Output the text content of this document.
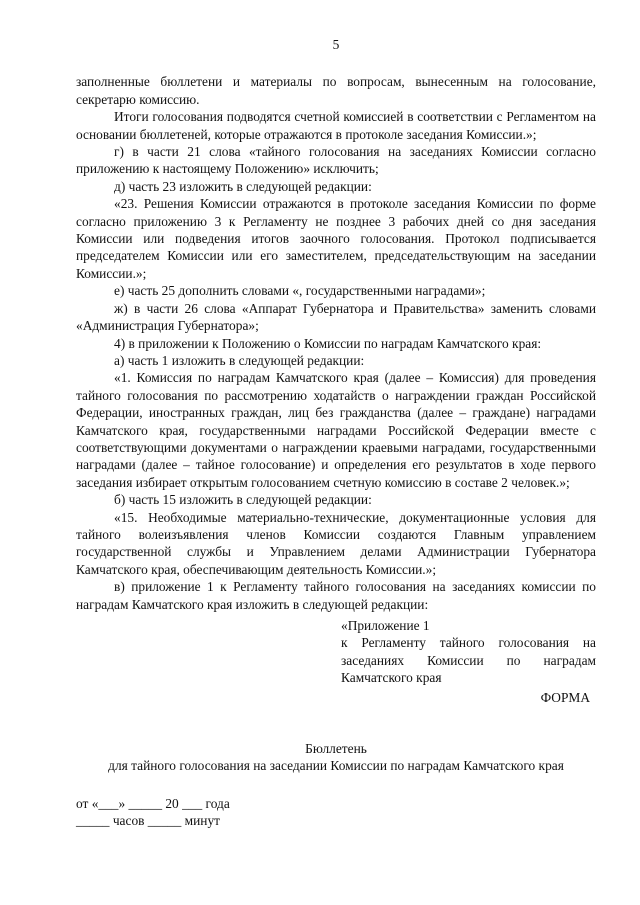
5

заполненные бюллетени и материалы по вопросам, вынесенным на голосование, секретарю комиссию.

Итоги голосования подводятся счетной комиссией в соответствии с Регламентом на основании бюллетеней, которые отражаются в протоколе заседания Комиссии.»;

г) в части 21 слова «тайного голосования на заседаниях Комиссии согласно приложению к настоящему Положению» исключить;

д) часть 23 изложить в следующей редакции:

«23. Решения Комиссии отражаются в протоколе заседания Комиссии по форме согласно приложению 3 к Регламенту не позднее 3 рабочих дней со дня заседания Комиссии или подведения итогов заочного голосования. Протокол подписывается председателем Комиссии или его заместителем, председательствующим на заседании Комиссии.»;

е) часть 25 дополнить словами «, государственными наградами»;

ж) в части 26 слова «Аппарат Губернатора и Правительства» заменить словами «Администрация Губернатора»;

4) в приложении к Положению о Комиссии по наградам Камчатского края:

а) часть 1 изложить в следующей редакции:

«1. Комиссия по наградам Камчатского края (далее – Комиссия) для проведения тайного голосования по рассмотрению ходатайств о награждении граждан Российской Федерации, иностранных граждан, лиц без гражданства (далее – граждане) наградами Камчатского края, государственными наградами Российской Федерации вместе с соответствующими документами о награждении краевыми наградами, государственными наградами (далее – тайное голосование) и определения его результатов в ходе первого заседания избирает открытым голосованием счетную комиссию в составе 2 человек.»;

б) часть 15 изложить в следующей редакции:

«15. Необходимые материально-технические, документационные условия для тайного волеизъявления членов Комиссии создаются Главным управлением государственной службы и Управлением делами Администрации Губернатора Камчатского края, обеспечивающим деятельность Комиссии.»;

в) приложение 1 к Регламенту тайного голосования на заседаниях комиссии по наградам Камчатского края изложить в следующей редакции:

«Приложение 1
к Регламенту тайного голосования на заседаниях Комиссии по наградам Камчатского края
ФОРМА
Бюллетень
для тайного голосования на заседании Комиссии по наградам Камчатского края
от «___» _____ 20 ___ года
_____ часов _____ минут
